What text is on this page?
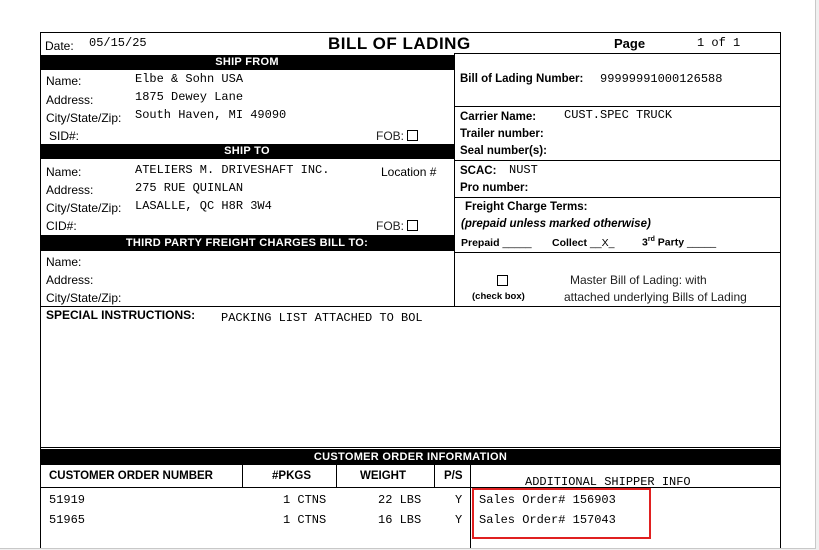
Date: 05/15/25	BILL OF LADING	Page	1 of 1
SHIP FROM
Name:	Elbe & Sohn USA
Address:	1875 Dewey Lane
City/State/Zip: South Haven, MI 49090
SID#:	FOB:
SHIP TO
Name:	ATELIERS M. DRIVESHAFT INC.	Location #
Address:	275 RUE QUINLAN
City/State/Zip: LASALLE, QC H8R 3W4
CID#:	FOB:
THIRD PARTY FREIGHT CHARGES BILL TO:
Name:
Address:
City/State/Zip:
Bill of Lading Number: 99999991000126588
Carrier Name: CUST.SPEC TRUCK
Trailer number:
Seal number(s):
SCAC: NUST
Pro number:
Freight Charge Terms:
(prepaid unless marked otherwise)
Prepaid _____ Collect __X_	3rd Party _____
(check box)
Master Bill of Lading: with
attached underlying Bills of Lading
SPECIAL INSTRUCTIONS: PACKING LIST ATTACHED TO BOL
CUSTOMER ORDER INFORMATION
CUSTOMER ORDER NUMBER	#PKGS	WEIGHT	P/S	ADDITIONAL SHIPPER INFO
51919	1 CTNS	22 LBS	Y Sales Order# 156903
51965	1 CTNS	16 LBS	Y Sales Order# 157043
